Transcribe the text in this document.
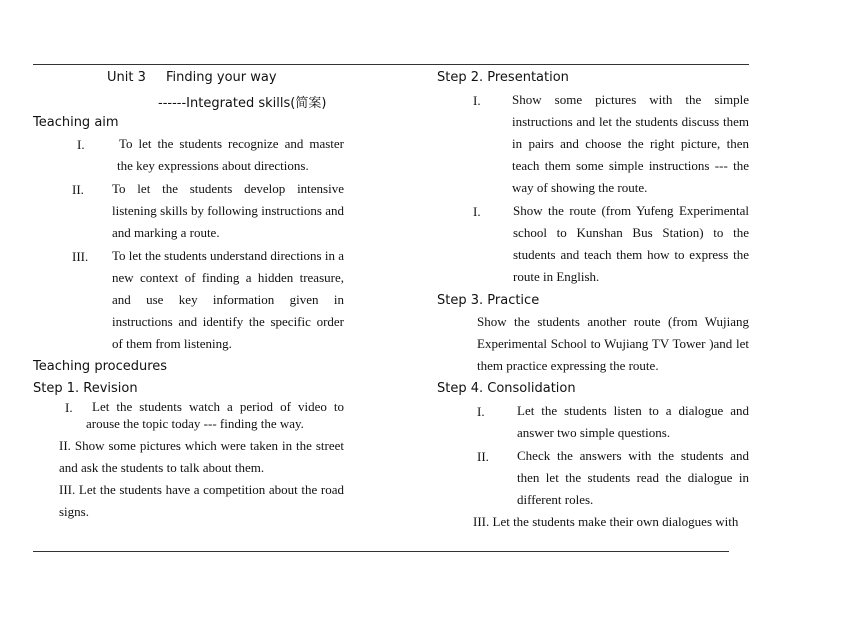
Unit 3 Finding your way
------Integrated skills(简案)
Teaching aim
I.	To let the students recognize and master the key expressions about directions.
II. To let the students develop intensive listening skills by following instructions and and marking a route.
III. To let the students understand directions in a new context of finding a hidden treasure, and use key information given in instructions and identify the specific order of them from listening.
Teaching procedures
Step 1. Revision
I.	Let the students watch a period of video to arouse the topic today --- finding the way.
II. Show some pictures which were taken in the street and ask the students to talk about them.
III. Let the students have a competition about the road signs.
Step 2. Presentation
I. Show some pictures with the simple instructions and let the students discuss them in pairs and choose the right picture, then teach them some simple instructions --- the way of showing the route.
I. Show the route (from Yufeng Experimental school to Kunshan Bus Station) to the students and teach them how to express the route in English.
Step 3. Practice
Show the students another route (from Wujiang Experimental School to Wujiang TV Tower )and let them practice expressing the route.
Step 4. Consolidation
I. Let the students listen to a dialogue and answer two simple questions.
II. Check the answers with the students and then let the students read the dialogue in different roles.
III. Let the students make their own dialogues with
